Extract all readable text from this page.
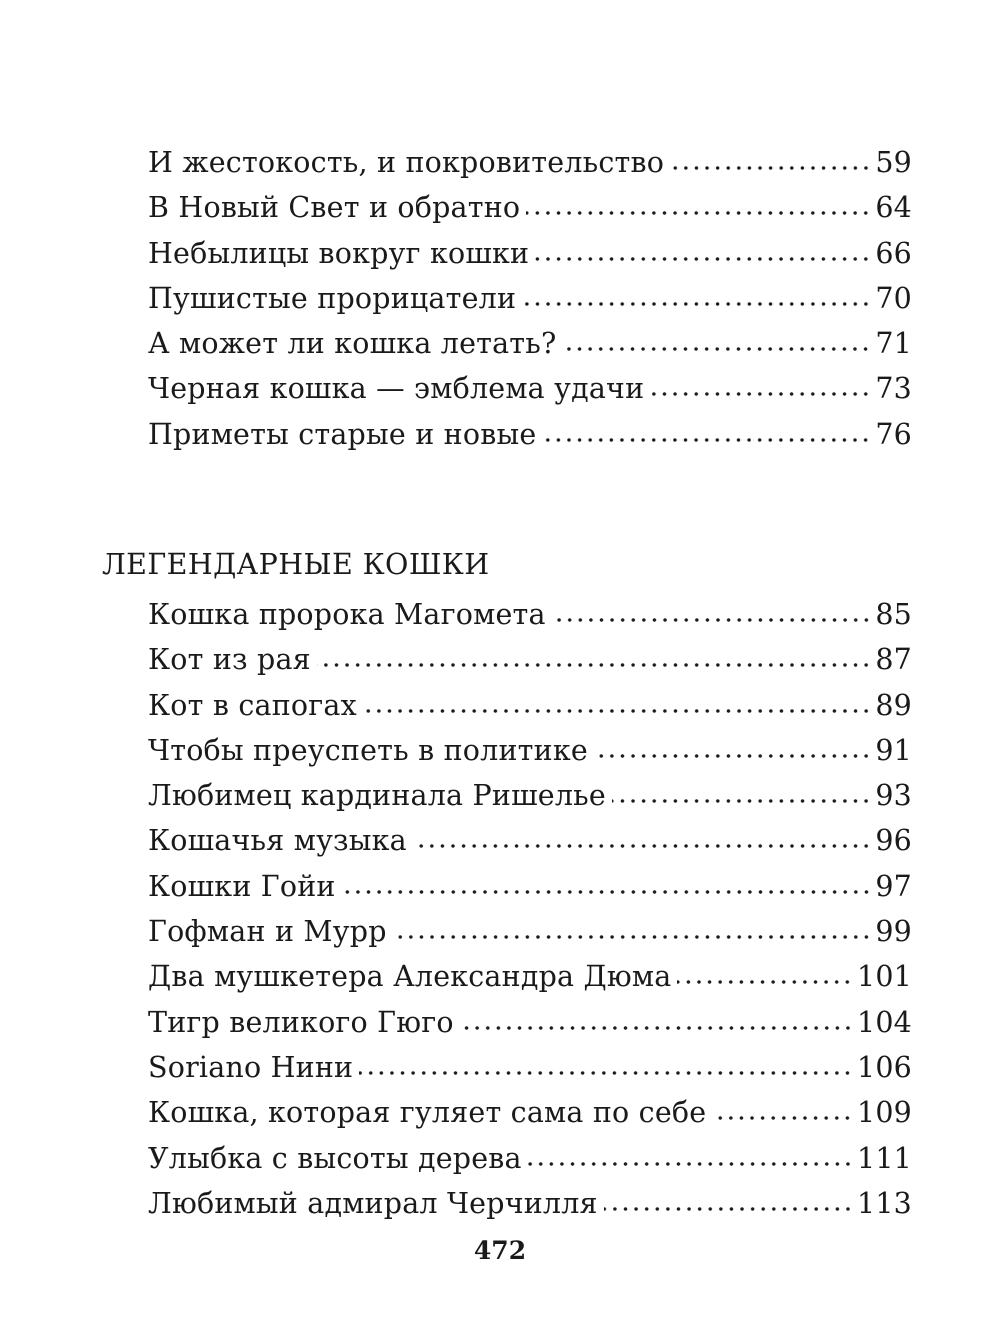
И жестокость, и покровительство	59
В Новый Свет и обратно	64
Небылицы вокруг кошки	66
Пушистые прорицатели	70
А может ли кошка летать?	71
Черная кошка — эмблема удачи	73
Приметы старые и новые	76
ЛЕГЕНДАРНЫЕ КОШКИ
Кошка пророка Магомета	85
Кот из рая	87
Кот в сапогах	89
Чтобы преуспеть в политике	91
Любимец кардинала Ришелье	93
Кошачья музыка	96
Кошки Гойи	97
Гофман и Мурр	99
Два мушкетера Александра Дюма	101
Тигр великого Гюго	104
Soriano Нини	106
Кошка, которая гуляет сама по себе	109
Улыбка с высоты дерева	111
Любимый адмирал Черчилля	113
472
